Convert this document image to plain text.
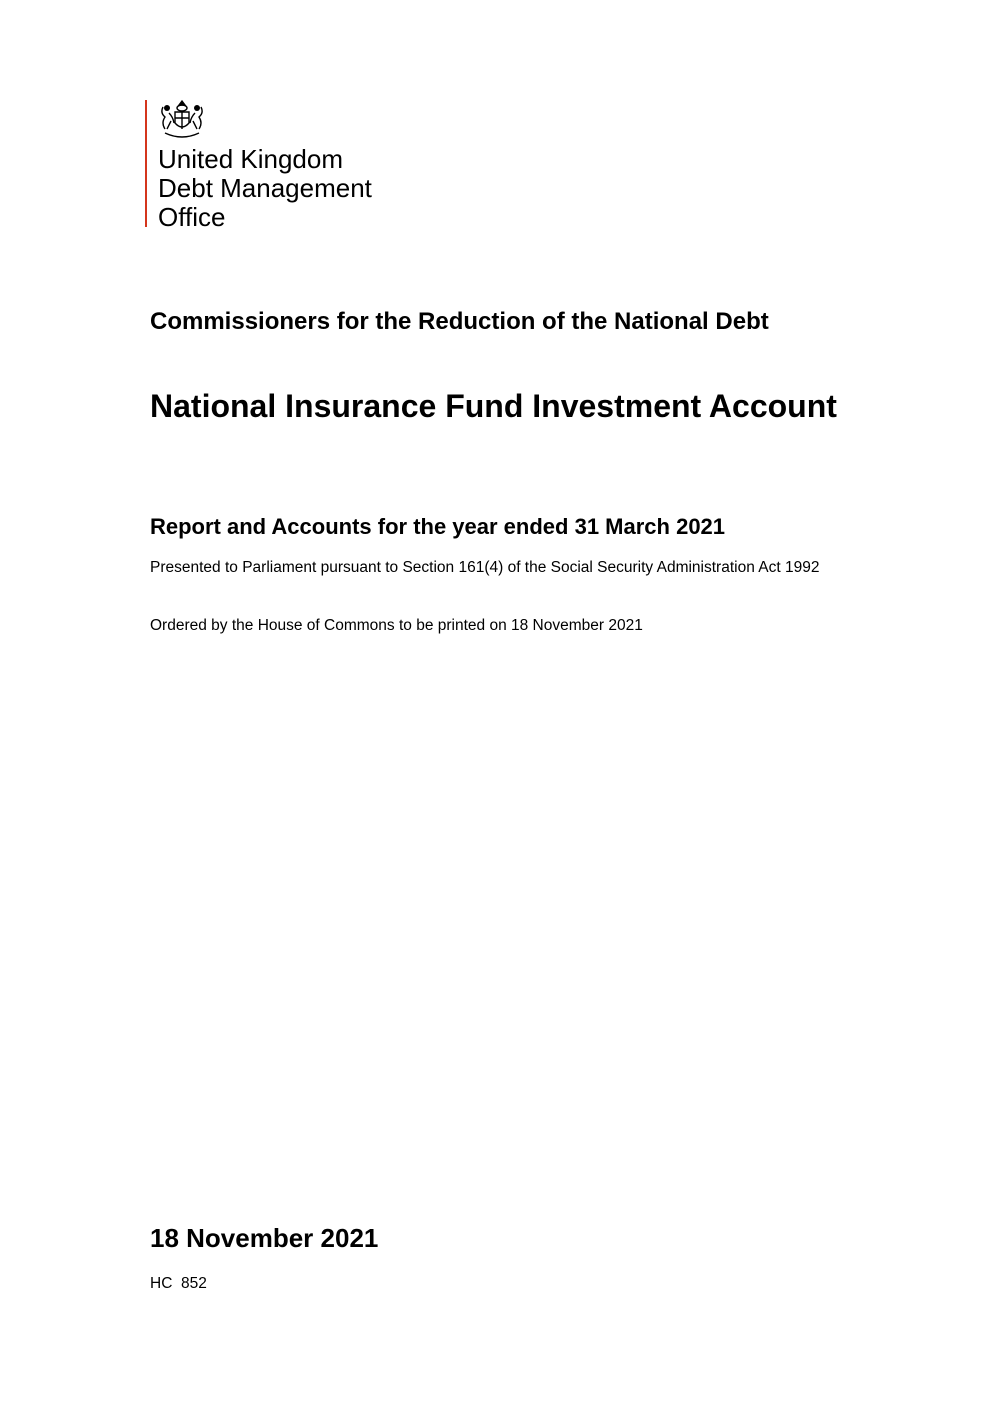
United Kingdom
Debt Management
Office
Commissioners for the Reduction of the National Debt
National Insurance Fund Investment Account
Report and Accounts for the year ended 31 March 2021

Presented to Parliament pursuant to Section 161(4) of the Social Security Administration Act 1992

Ordered by the House of Commons to be printed on 18 November 2021

18 November 2021
HC  852
